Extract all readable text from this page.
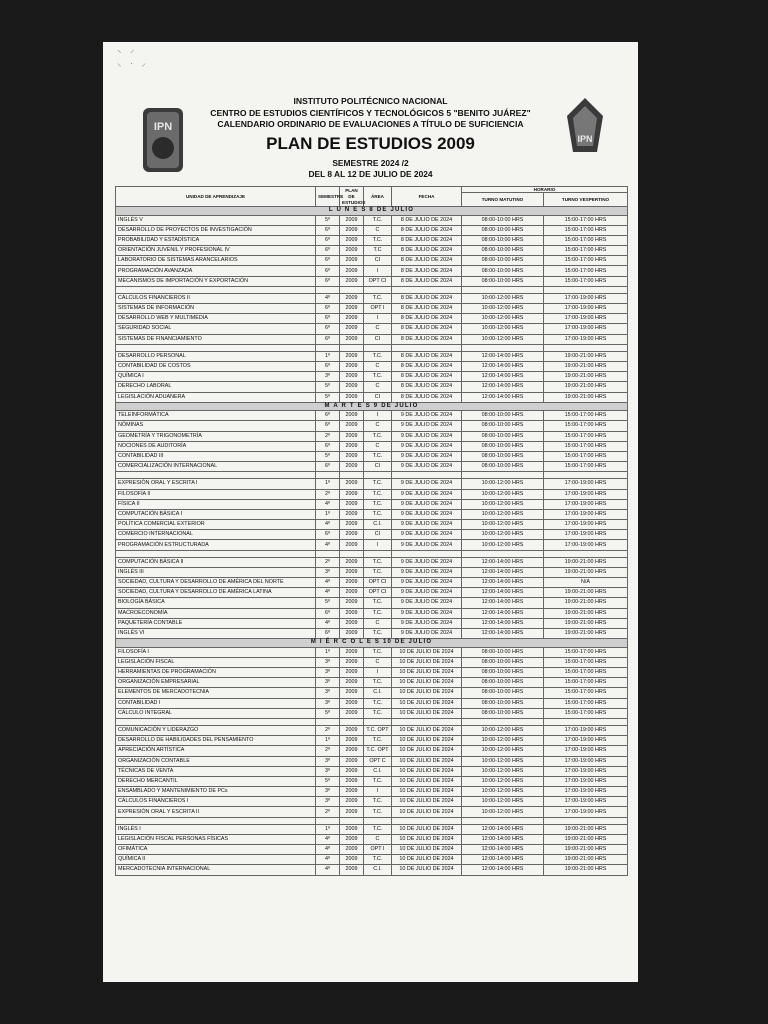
⸌ ⸍
⸜ · ⸝
IPN
IPN
INSTITUTO POLITÉCNICO NACIONAL
CENTRO DE ESTUDIOS CIENTÍFICOS Y TECNOLÓGICOS 5 "BENITO JUÁREZ"
CALENDARIO ORDINARIO DE EVALUACIONES A TÍTULO DE SUFICIENCIA
PLAN DE ESTUDIOS 2009
SEMESTRE 2024 /2
DEL 8 AL 12 DE JULIO DE 2024
UNIDAD DE APRENDIZAJE	SEMESTRE	PLAN DE ESTUDIOS	ÁREA	FECHA	HORARIO	
					TURNO MATUTINO	TURNO VESPERTINO
L U N E S 8 DE JULIO						
INGLÉS V	5º	2009	T.C.	8 DE JULIO DE 2024	08:00-10:00 HRS	15:00-17:00 HRS
DESARROLLO DE PROYECTOS DE INVESTIGACIÓN	6º	2009	C	8 DE JULIO DE 2024	08:00-10:00 HRS	15:00-17:00 HRS
PROBABILIDAD Y ESTADÍSTICA	6º	2009	T.C.	8 DE JULIO DE 2024	08:00-10:00 HRS	15:00-17:00 HRS
ORIENTACIÓN JUVENIL Y PROFESIONAL IV	6º	2009	T.C	8 DE JULIO DE 2024	08:00-10:00 HRS	15:00-17:00 HRS
LABORATORIO DE SISTEMAS ARANCELARIOS	6º	2009	CI	8 DE JULIO DE 2024	08:00-10:00 HRS	15:00-17:00 HRS
PROGRAMACIÓN AVANZADA	6º	2009	I	8 DE JULIO DE 2024	08:00-10:00 HRS	15:00-17:00 HRS
MECANISMOS DE IMPORTACIÓN Y EXPORTACIÓN	6º	2009	OPT CI	8 DE JULIO DE 2024	08:00-10:00 HRS	15:00-17:00 HRS

CÁLCULOS FINANCIEROS II	4º	2009	T.C.	8 DE JULIO DE 2024	10:00-12:00 HRS	17:00-19:00 HRS
SISTEMAS DE INFORMACIÓN	6º	2009	OPT I	8 DE JULIO DE 2024	10:00-12:00 HRS	17:00-19:00 HRS
DESARROLLO WEB Y MULTIMEDIA	6º	2009	I	8 DE JULIO DE 2024	10:00-12:00 HRS	17:00-19:00 HRS
SEGURIDAD SOCIAL	6º	2009	C	8 DE JULIO DE 2024	10:00-12:00 HRS	17:00-19:00 HRS
SISTEMAS DE FINANCIAMIENTO	6º	2009	CI	8 DE JULIO DE 2024	10:00-12:00 HRS	17:00-19:00 HRS

DESARROLLO PERSONAL	1º	2009	T.C.	8 DE JULIO DE 2024	12:00-14:00 HRS	19:00-21:00 HRS
CONTABILIDAD DE COSTOS	6º	2009	C	8 DE JULIO DE 2024	12:00-14:00 HRS	19:00-21:00 HRS
QUÍMICA I	3º	2009	T.C.	8 DE JULIO DE 2024	12:00-14:00 HRS	19:00-21:00 HRS
DERECHO LABORAL	5º	2009	C	8 DE JULIO DE 2024	12:00-14:00 HRS	19:00-21:00 HRS
LEGISLACIÓN ADUANERA	5º	2009	CI	8 DE JULIO DE 2024	12:00-14:00 HRS	19:00-21:00 HRS
M A R T E S 9 DE JULIO						
TELEINFORMÁTICA	6º	2009	I	9 DE JULIO DE 2024	08:00-10:00 HRS	15:00-17:00 HRS
NÓMINAS	6º	2009	C	9 DE JULIO DE 2024	08:00-10:00 HRS	15:00-17:00 HRS
GEOMETRÍA Y TRIGONOMETRÍA	2º	2009	T.C.	9 DE JULIO DE 2024	08:00-10:00 HRS	15:00-17:00 HRS
NOCIONES DE AUDITORÍA	6º	2009	C	9 DE JULIO DE 2024	08:00-10:00 HRS	15:00-17:00 HRS
CONTABILIDAD III	5º	2009	T.C.	9 DE JULIO DE 2024	08:00-10:00 HRS	15:00-17:00 HRS
COMERCIALIZACIÓN INTERNACIONAL	6º	2009	CI	9 DE JULIO DE 2024	08:00-10:00 HRS	15:00-17:00 HRS

EXPRESIÓN ORAL Y ESCRITA I	1º	2009	T.C.	9 DE JULIO DE 2024	10:00-12:00 HRS	17:00-19:00 HRS
FILOSOFÍA II	2º	2009	T.C.	9 DE JULIO DE 2024	10:00-12:00 HRS	17:00-19:00 HRS
FÍSICA II	4º	2009	T.C.	9 DE JULIO DE 2024	10:00-12:00 HRS	17:00-19:00 HRS
COMPUTACIÓN BÁSICA I	1º	2009	T.C.	9 DE JULIO DE 2024	10:00-12:00 HRS	17:00-19:00 HRS
POLÍTICA COMERCIAL EXTERIOR	4º	2009	C.I.	9 DE JULIO DE 2024	10:00-12:00 HRS	17:00-19:00 HRS
COMERCIO INTERNACIONAL	6º	2009	CI	9 DE JULIO DE 2024	10:00-12:00 HRS	17:00-19:00 HRS
PROGRAMACIÓN ESTRUCTURADA	4º	2009	I	9 DE JULIO DE 2024	10:00-12:00 HRS	17:00-19:00 HRS

COMPUTACIÓN BÁSICA II	2º	2009	T.C.	9 DE JULIO DE 2024	12:00-14:00 HRS	19:00-21:00 HRS
INGLÉS III	3º	2009	T.C.	9 DE JULIO DE 2024	12:00-14:00 HRS	19:00-21:00 HRS
SOCIEDAD, CULTURA Y DESARROLLO DE AMÉRICA DEL NORTE	4º	2009	OPT CI	9 DE JULIO DE 2024	12:00-14:00 HRS	N/A
SOCIEDAD, CULTURA Y DESARROLLO DE AMÉRICA LATINA	4º	2009	OPT CI	9 DE JULIO DE 2024	12:00-14:00 HRS	19:00-21:00 HRS
BIOLOGÍA BÁSICA	5º	2009	T.C.	9 DE JULIO DE 2024	12:00-14:00 HRS	19:00-21:00 HRS
MACROECONOMÍA	6º	2009	T.C.	9 DE JULIO DE 2024	12:00-14:00 HRS	19:00-21:00 HRS
PAQUETERÍA CONTABLE	4º	2009	C	9 DE JULIO DE 2024	12:00-14:00 HRS	19:00-21:00 HRS
INGLÉS VI	6º	2009	T.C.	9 DE JULIO DE 2024	12:00-14:00 HRS	19:00-21:00 HRS
M I É R C O L E S 10 DE JULIO						
FILOSOFÍA I	1º	2009	T.C.	10 DE JULIO DE 2024	08:00-10:00 HRS	15:00-17:00 HRS
LEGISLACIÓN FISCAL	3º	2009	C	10 DE JULIO DE 2024	08:00-10:00 HRS	15:00-17:00 HRS
HERRAMIENTAS DE PROGRAMACIÓN	3º	2009	I	10 DE JULIO DE 2024	08:00-10:00 HRS	15:00-17:00 HRS
ORGANIZACIÓN EMPRESARIAL	3º	2009	T.C.	10 DE JULIO DE 2024	08:00-10:00 HRS	15:00-17:00 HRS
ELEMENTOS DE MERCADOTECNIA	3º	2009	C.I.	10 DE JULIO DE 2024	08:00-10:00 HRS	15:00-17:00 HRS
CONTABILIDAD I	3º	2009	T.C.	10 DE JULIO DE 2024	08:00-10:00 HRS	15:00-17:00 HRS
CÁLCULO INTEGRAL	5º	2009	T.C.	10 DE JULIO DE 2024	08:00-10:00 HRS	15:00-17:00 HRS

COMUNICACIÓN Y LIDERAZGO	2º	2009	T.C. OPT	10 DE JULIO DE 2024	10:00-12:00 HRS	17:00-19:00 HRS
DESARROLLO DE HABILIDADES DEL PENSAMIENTO	1º	2009	T.C.	10 DE JULIO DE 2024	10:00-12:00 HRS	17:00-19:00 HRS
APRECIACIÓN ARTÍSTICA	2º	2009	T.C. OPT	10 DE JULIO DE 2024	10:00-12:00 HRS	17:00-19:00 HRS
ORGANIZACIÓN CONTABLE	3º	2009	OPT C	10 DE JULIO DE 2024	10:00-12:00 HRS	17:00-19:00 HRS
TÉCNICAS DE VENTA	3º	2009	C.I.	10 DE JULIO DE 2024	10:00-12:00 HRS	17:00-19:00 HRS
DERECHO MERCANTIL	5º	2009	T.C.	10 DE JULIO DE 2024	10:00-12:00 HRS	17:00-19:00 HRS
ENSAMBLADO Y MANTENIMIENTO DE PCs	3º	2009	I	10 DE JULIO DE 2024	10:00-12:00 HRS	17:00-19:00 HRS
CÁLCULOS FINANCIEROS I	3º	2009	T.C.	10 DE JULIO DE 2024	10:00-12:00 HRS	17:00-19:00 HRS
EXPRESIÓN ORAL Y ESCRITA II	2º	2009	T.C.	10 DE JULIO DE 2024	10:00-12:00 HRS	17:00-19:00 HRS

INGLÉS I	1º	2009	T.C.	10 DE JULIO DE 2024	12:00-14:00 HRS	19:00-21:00 HRS
LEGISLACIÓN FISCAL PERSONAS FÍSICAS	4º	2009	C	10 DE JULIO DE 2024	12:00-14:00 HRS	19:00-21:00 HRS
OFIMÁTICA	4º	2009	OPT I	10 DE JULIO DE 2024	12:00-14:00 HRS	19:00-21:00 HRS
QUÍMICA II	4º	2009	T.C.	10 DE JULIO DE 2024	12:00-14:00 HRS	19:00-21:00 HRS
MERCADOTECNIA INTERNACIONAL	4º	2009	C.I.	10 DE JULIO DE 2024	12:00-14:00 HRS	19:00-21:00 HRS
